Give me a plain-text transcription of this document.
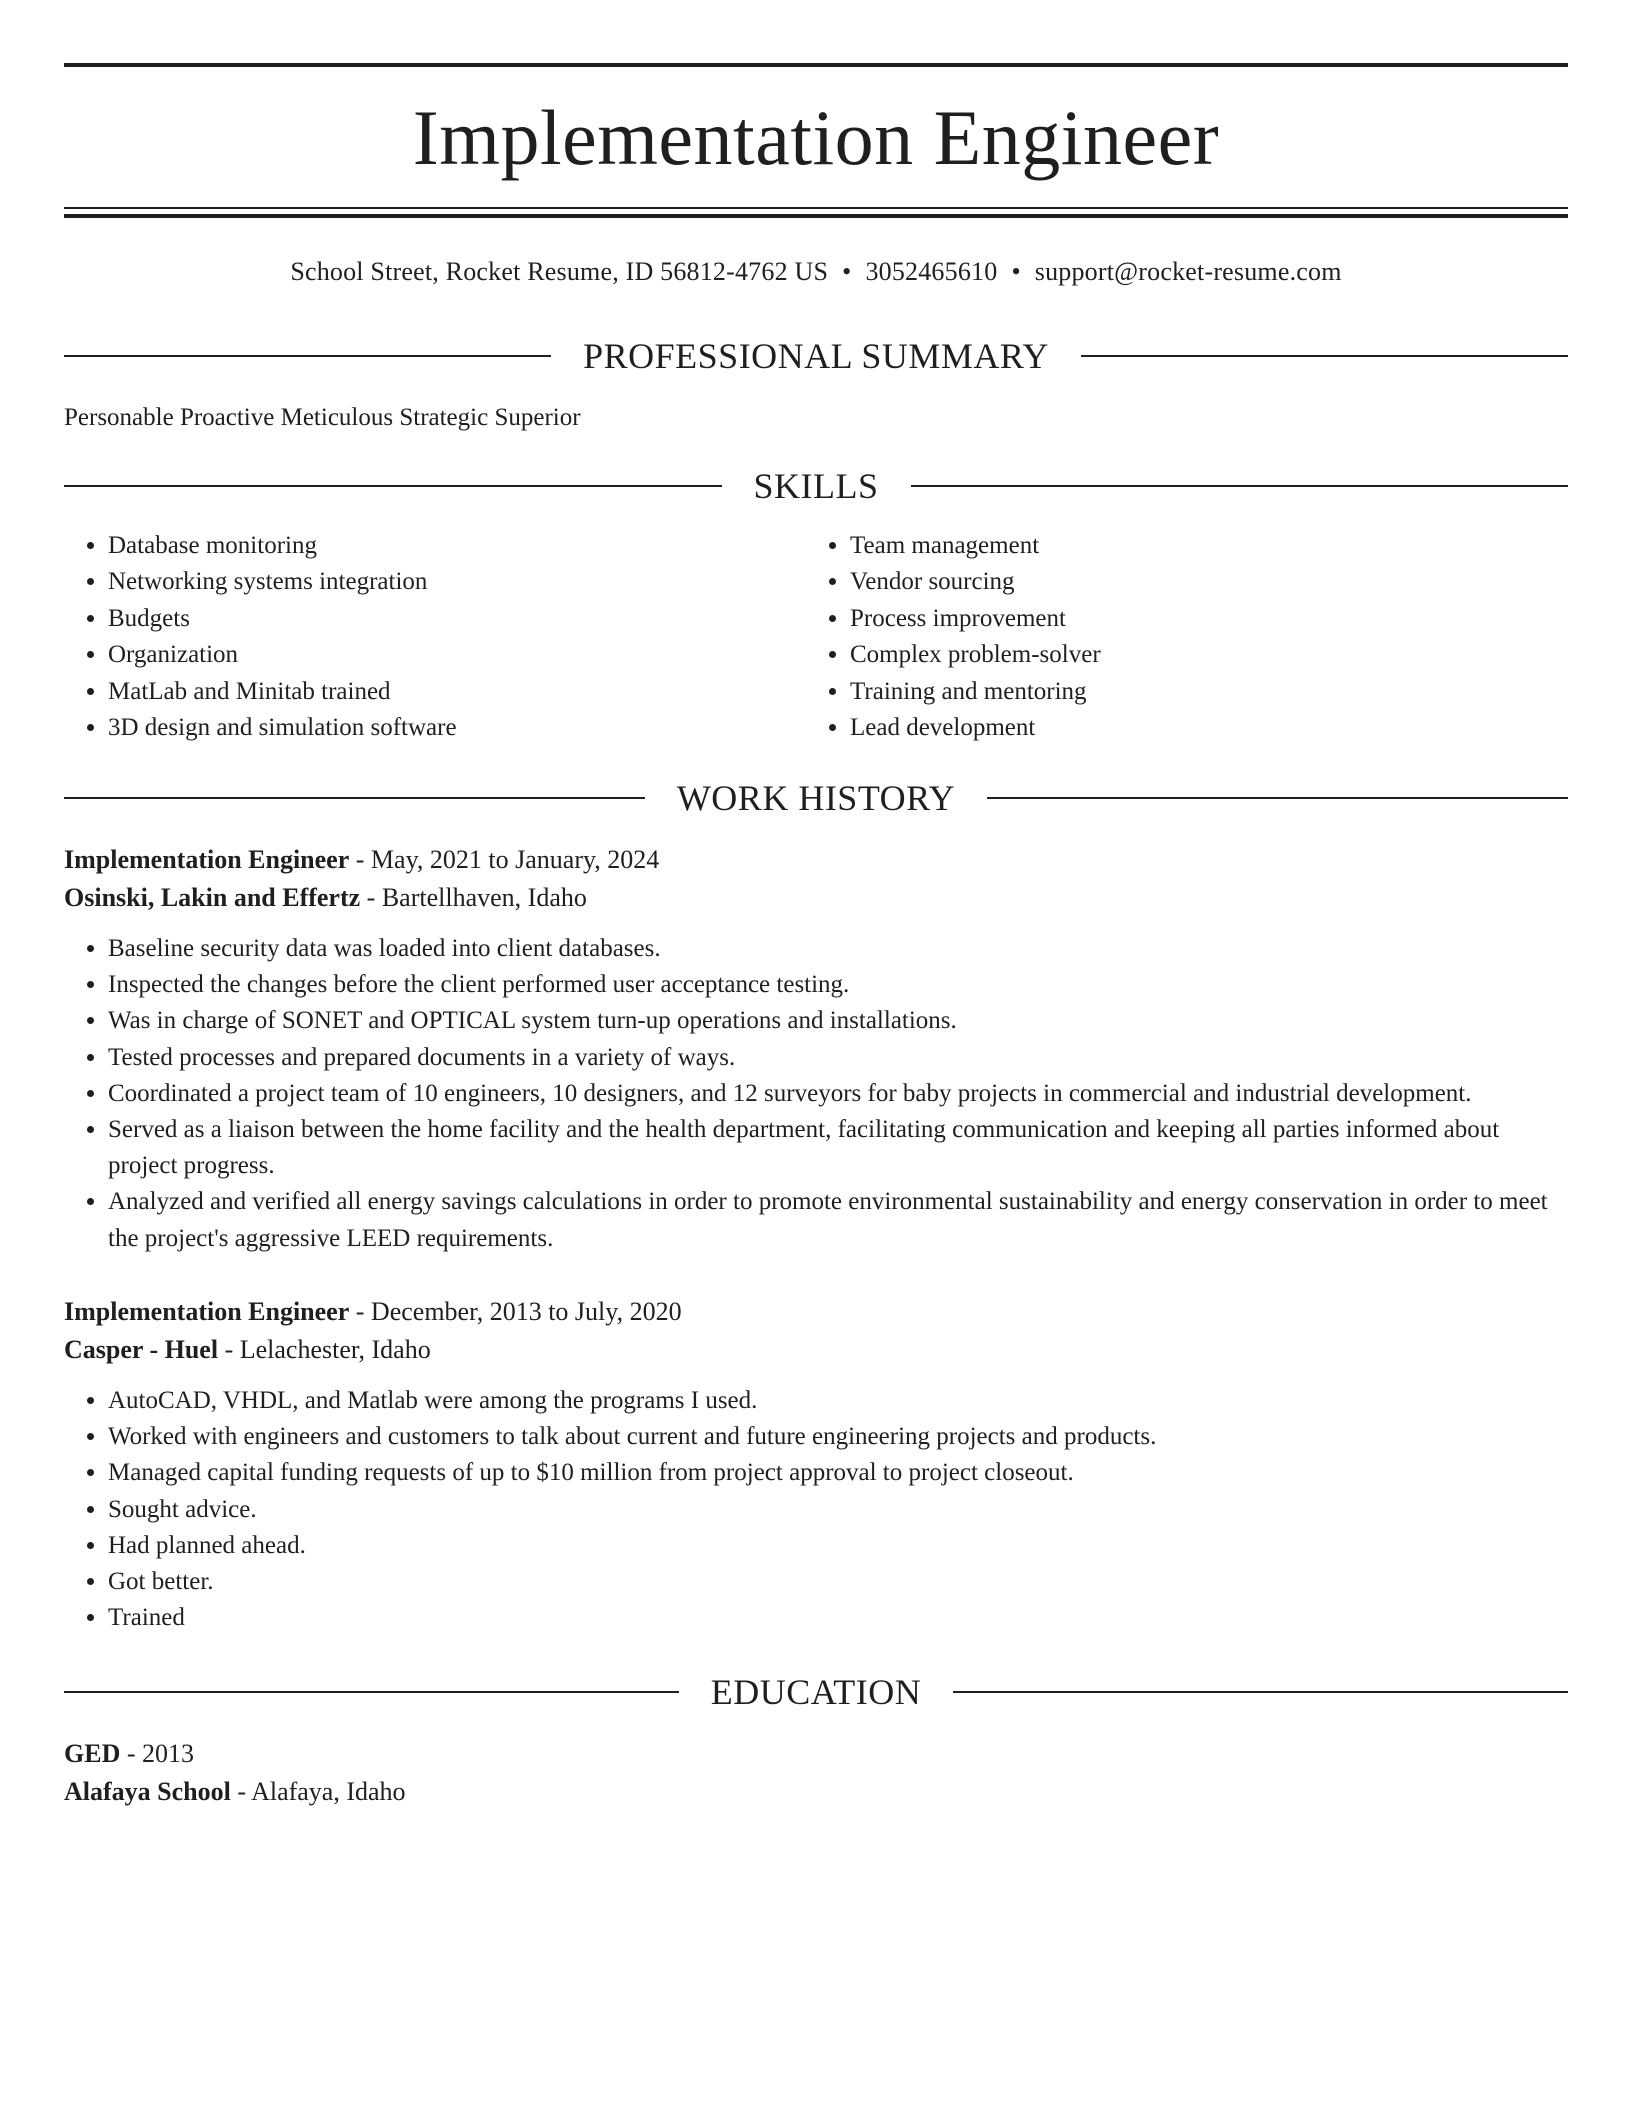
Implementation Engineer
School Street, Rocket Resume, ID 56812-4762 US • 3052465610 • support@rocket-resume.com
PROFESSIONAL SUMMARY
Personable Proactive Meticulous Strategic Superior
SKILLS
• Database monitoring
• Networking systems integration
• Budgets
• Organization
• MatLab and Minitab trained
• 3D design and simulation software
• Team management
• Vendor sourcing
• Process improvement
• Complex problem-solver
• Training and mentoring
• Lead development
WORK HISTORY
Implementation Engineer - May, 2021 to January, 2024
Osinski, Lakin and Effertz - Bartellhaven, Idaho
• Baseline security data was loaded into client databases.
• Inspected the changes before the client performed user acceptance testing.
• Was in charge of SONET and OPTICAL system turn-up operations and installations.
• Tested processes and prepared documents in a variety of ways.
• Coordinated a project team of 10 engineers, 10 designers, and 12 surveyors for baby projects in commercial and industrial development.
• Served as a liaison between the home facility and the health department, facilitating communication and keeping all parties informed about project progress.
• Analyzed and verified all energy savings calculations in order to promote environmental sustainability and energy conservation in order to meet the project's aggressive LEED requirements.
Implementation Engineer - December, 2013 to July, 2020
Casper - Huel - Lelachester, Idaho
• AutoCAD, VHDL, and Matlab were among the programs I used.
• Worked with engineers and customers to talk about current and future engineering projects and products.
• Managed capital funding requests of up to $10 million from project approval to project closeout.
• Sought advice.
• Had planned ahead.
• Got better.
• Trained
EDUCATION
GED - 2013
Alafaya School - Alafaya, Idaho
